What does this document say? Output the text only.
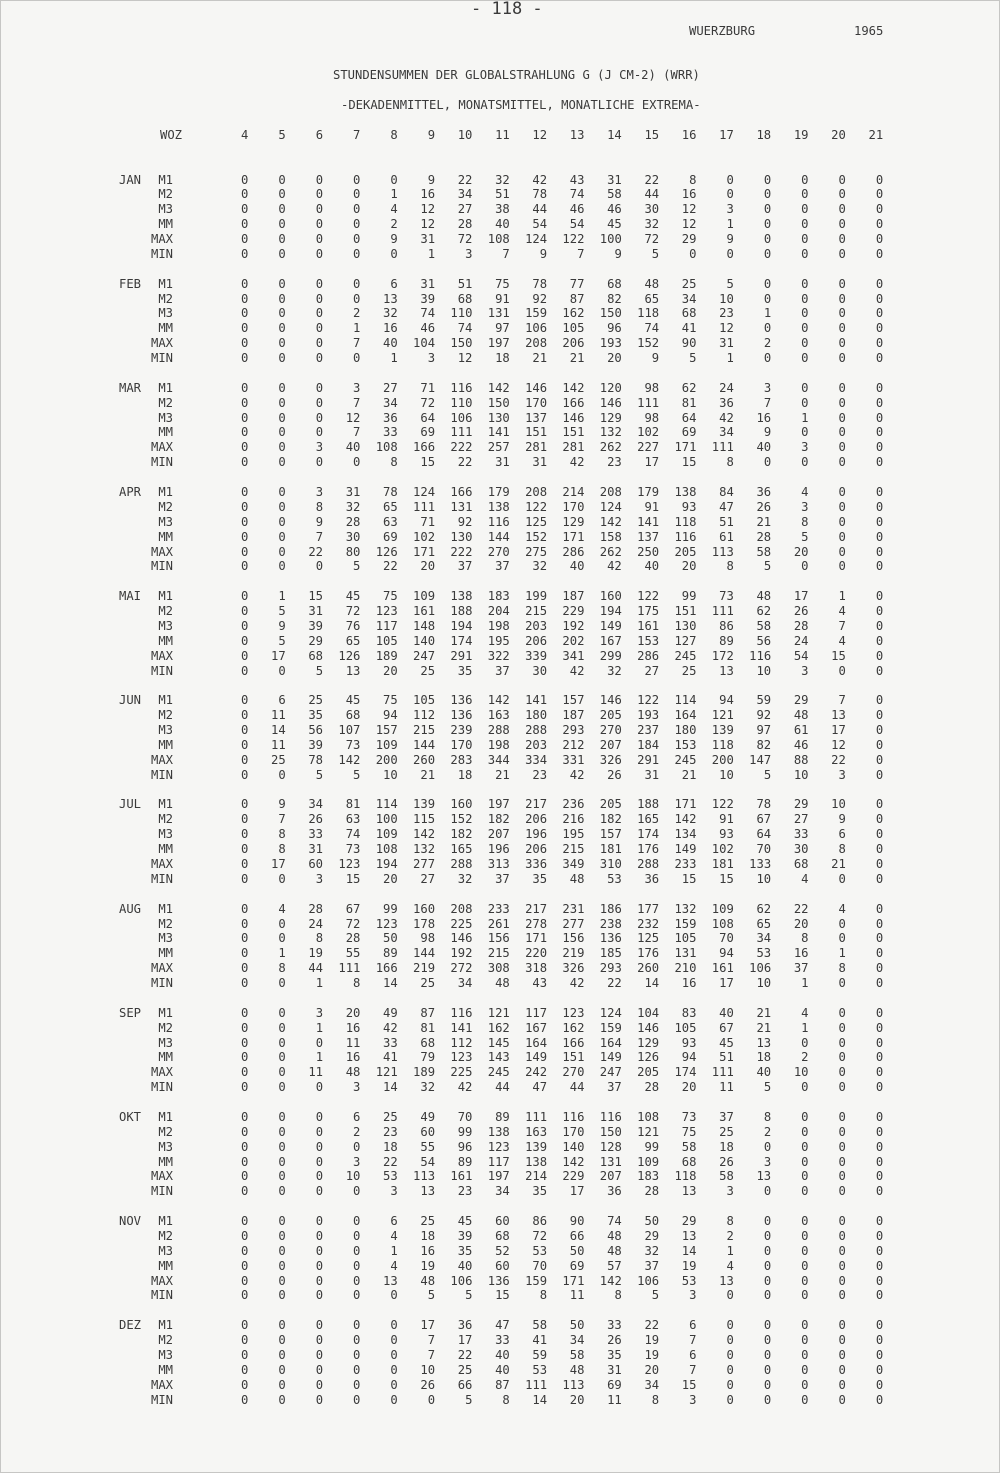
- 118 -
WUERZBURG	1965
STUNDENSUMMEN DER GLOBALSTRAHLUNG G (J CM-2) (WRR)
-DEKADENMITTEL, MONATSMITTEL, MONATLICHE EXTREMA-
WOZ	4	5	6	7	8	9	10	11	12	13	14	15	16	17	18	19	20	21
JAN	M1	0	0	0	0	0	9	22	32	42	43	31	22	8	0	0	0	0	0
M2	0	0	0	0	1	16	34	51	78	74	58	44	16	0	0	0	0	0
M3	0	0	0	0	4	12	27	38	44	46	46	30	12	3	0	0	0	0
MM	0	0	0	0	2	12	28	40	54	54	45	32	12	1	0	0	0	0
MAX	0	0	0	0	9	31	72	108	124	122	100	72	29	9	0	0	0	0
MIN	0	0	0	0	0	1	3	7	9	7	9	5	0	0	0	0	0	0
FEB	M1	0	0	0	0	6	31	51	75	78	77	68	48	25	5	0	0	0	0
M2	0	0	0	0	13	39	68	91	92	87	82	65	34	10	0	0	0	0
M3	0	0	0	2	32	74	110	131	159	162	150	118	68	23	1	0	0	0
MM	0	0	0	1	16	46	74	97	106	105	96	74	41	12	0	0	0	0
MAX	0	0	0	7	40	104	150	197	208	206	193	152	90	31	2	0	0	0
MIN	0	0	0	0	1	3	12	18	21	21	20	9	5	1	0	0	0	0
MAR	M1	0	0	0	3	27	71	116	142	146	142	120	98	62	24	3	0	0	0
M2	0	0	0	7	34	72	110	150	170	166	146	111	81	36	7	0	0	0
M3	0	0	0	12	36	64	106	130	137	146	129	98	64	42	16	1	0	0
MM	0	0	0	7	33	69	111	141	151	151	132	102	69	34	9	0	0	0
MAX	0	0	3	40	108	166	222	257	281	281	262	227	171	111	40	3	0	0
MIN	0	0	0	0	8	15	22	31	31	42	23	17	15	8	0	0	0	0
APR	M1	0	0	3	31	78	124	166	179	208	214	208	179	138	84	36	4	0	0
M2	0	0	8	32	65	111	131	138	122	170	124	91	93	47	26	3	0	0
M3	0	0	9	28	63	71	92	116	125	129	142	141	118	51	21	8	0	0
MM	0	0	7	30	69	102	130	144	152	171	158	137	116	61	28	5	0	0
MAX	0	0	22	80	126	171	222	270	275	286	262	250	205	113	58	20	0	0
MIN	0	0	0	5	22	20	37	37	32	40	42	40	20	8	5	0	0	0
MAI	M1	0	1	15	45	75	109	138	183	199	187	160	122	99	73	48	17	1	0
M2	0	5	31	72	123	161	188	204	215	229	194	175	151	111	62	26	4	0
M3	0	9	39	76	117	148	194	198	203	192	149	161	130	86	58	28	7	0
MM	0	5	29	65	105	140	174	195	206	202	167	153	127	89	56	24	4	0
MAX	0	17	68	126	189	247	291	322	339	341	299	286	245	172	116	54	15	0
MIN	0	0	5	13	20	25	35	37	30	42	32	27	25	13	10	3	0	0
JUN	M1	0	6	25	45	75	105	136	142	141	157	146	122	114	94	59	29	7	0
M2	0	11	35	68	94	112	136	163	180	187	205	193	164	121	92	48	13	0
M3	0	14	56	107	157	215	239	288	288	293	270	237	180	139	97	61	17	0
MM	0	11	39	73	109	144	170	198	203	212	207	184	153	118	82	46	12	0
MAX	0	25	78	142	200	260	283	344	334	331	326	291	245	200	147	88	22	0
MIN	0	0	5	5	10	21	18	21	23	42	26	31	21	10	5	10	3	0
JUL	M1	0	9	34	81	114	139	160	197	217	236	205	188	171	122	78	29	10	0
M2	0	7	26	63	100	115	152	182	206	216	182	165	142	91	67	27	9	0
M3	0	8	33	74	109	142	182	207	196	195	157	174	134	93	64	33	6	0
MM	0	8	31	73	108	132	165	196	206	215	181	176	149	102	70	30	8	0
MAX	0	17	60	123	194	277	288	313	336	349	310	288	233	181	133	68	21	0
MIN	0	0	3	15	20	27	32	37	35	48	53	36	15	15	10	4	0	0
AUG	M1	0	4	28	67	99	160	208	233	217	231	186	177	132	109	62	22	4	0
M2	0	0	24	72	123	178	225	261	278	277	238	232	159	108	65	20	0	0
M3	0	0	8	28	50	98	146	156	171	156	136	125	105	70	34	8	0	0
MM	0	1	19	55	89	144	192	215	220	219	185	176	131	94	53	16	1	0
MAX	0	8	44	111	166	219	272	308	318	326	293	260	210	161	106	37	8	0
MIN	0	0	1	8	14	25	34	48	43	42	22	14	16	17	10	1	0	0
SEP	M1	0	0	3	20	49	87	116	121	117	123	124	104	83	40	21	4	0	0
M2	0	0	1	16	42	81	141	162	167	162	159	146	105	67	21	1	0	0
M3	0	0	0	11	33	68	112	145	164	166	164	129	93	45	13	0	0	0
MM	0	0	1	16	41	79	123	143	149	151	149	126	94	51	18	2	0	0
MAX	0	0	11	48	121	189	225	245	242	270	247	205	174	111	40	10	0	0
MIN	0	0	0	3	14	32	42	44	47	44	37	28	20	11	5	0	0	0
OKT	M1	0	0	0	6	25	49	70	89	111	116	116	108	73	37	8	0	0	0
M2	0	0	0	2	23	60	99	138	163	170	150	121	75	25	2	0	0	0
M3	0	0	0	0	18	55	96	123	139	140	128	99	58	18	0	0	0	0
MM	0	0	0	3	22	54	89	117	138	142	131	109	68	26	3	0	0	0
MAX	0	0	0	10	53	113	161	197	214	229	207	183	118	58	13	0	0	0
MIN	0	0	0	0	3	13	23	34	35	17	36	28	13	3	0	0	0	0
NOV	M1	0	0	0	0	6	25	45	60	86	90	74	50	29	8	0	0	0	0
M2	0	0	0	0	4	18	39	68	72	66	48	29	13	2	0	0	0	0
M3	0	0	0	0	1	16	35	52	53	50	48	32	14	1	0	0	0	0
MM	0	0	0	0	4	19	40	60	70	69	57	37	19	4	0	0	0	0
MAX	0	0	0	0	13	48	106	136	159	171	142	106	53	13	0	0	0	0
MIN	0	0	0	0	0	5	5	15	8	11	8	5	3	0	0	0	0	0
DEZ	M1	0	0	0	0	0	17	36	47	58	50	33	22	6	0	0	0	0	0
M2	0	0	0	0	0	7	17	33	41	34	26	19	7	0	0	0	0	0
M3	0	0	0	0	0	7	22	40	59	58	35	19	6	0	0	0	0	0
MM	0	0	0	0	0	10	25	40	53	48	31	20	7	0	0	0	0	0
MAX	0	0	0	0	0	26	66	87	111	113	69	34	15	0	0	0	0	0
MIN	0	0	0	0	0	0	5	8	14	20	11	8	3	0	0	0	0	0
